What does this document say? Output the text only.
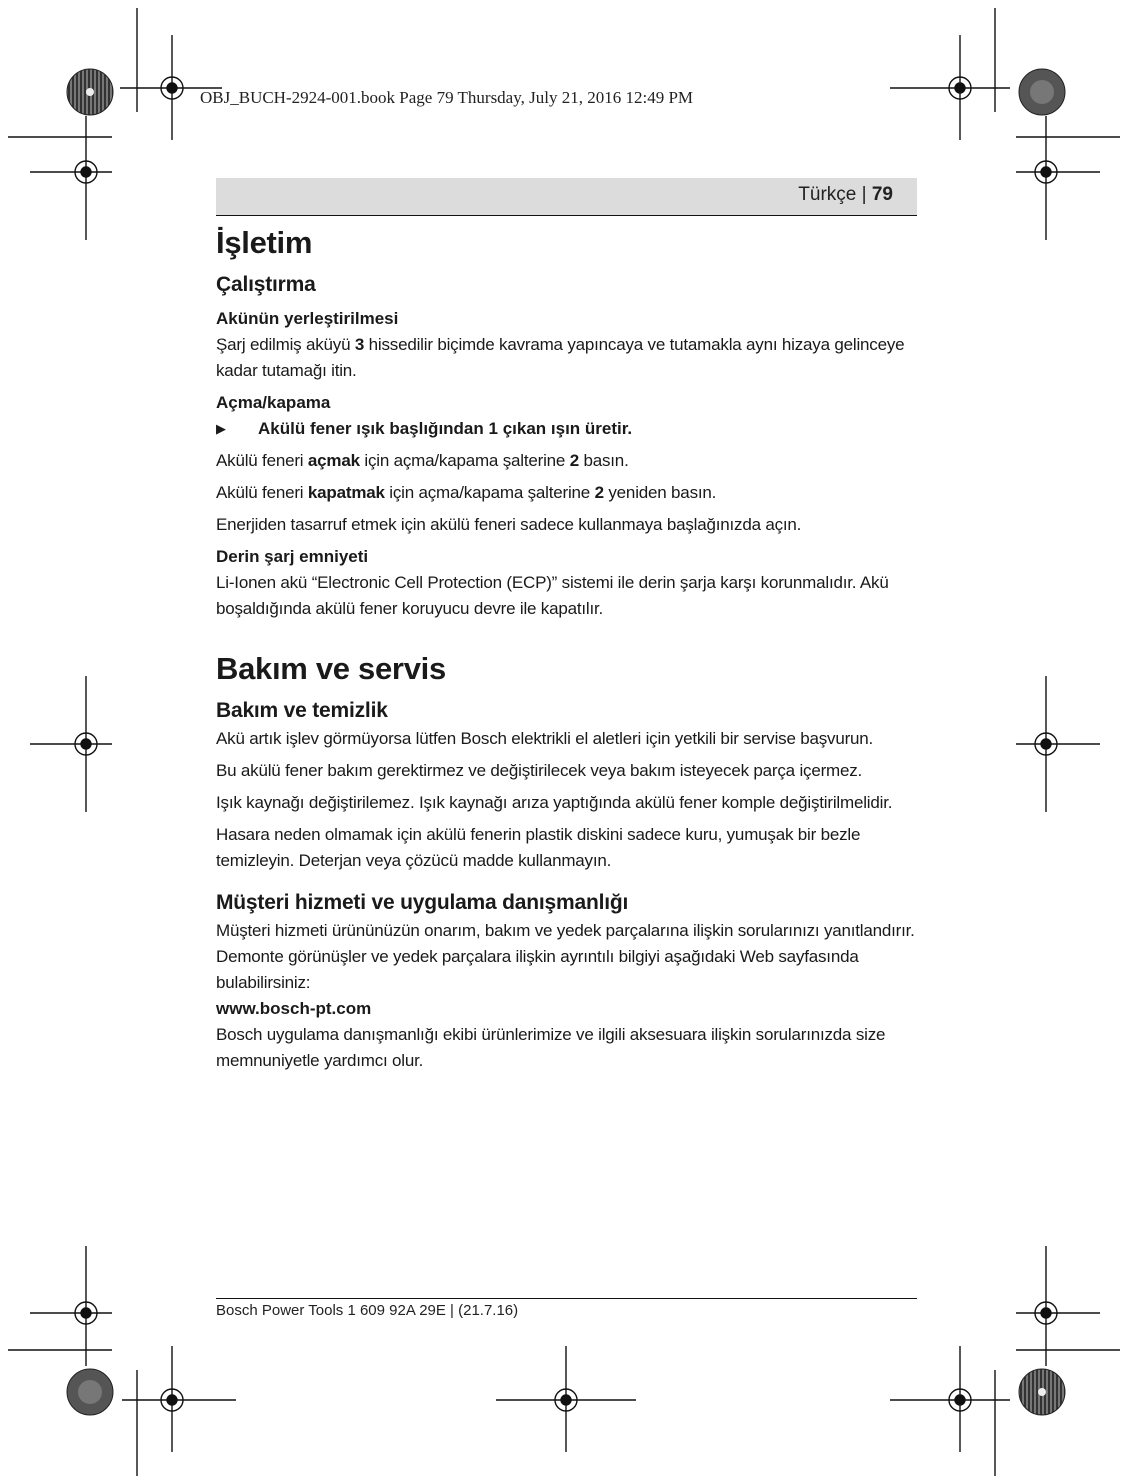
OBJ_BUCH-2924-001.book Page 79 Thursday, July 21, 2016 12:49 PM
Türkçe | 79
İşletim
Çalıştırma
Akünün yerleştirilmesi

Şarj edilmiş aküyü 3 hissedilir biçimde kavrama yapıncaya ve tutamakla aynı hizaya gelinceye kadar tutamağı itin.

Açma/kapama
▶	Akülü fener ışık başlığından 1 çıkan ışın üretir.

Akülü feneri açmak için açma/kapama şalterine 2 basın.

Akülü feneri kapatmak için açma/kapama şalterine 2 yeniden basın.

Enerjiden tasarruf etmek için akülü feneri sadece kullanmaya başlağınızda açın.

Derin şarj emniyeti

Li-Ionen akü “Electronic Cell Protection (ECP)” sistemi ile derin şarja karşı korunmalıdır. Akü boşaldığında akülü fener koruyucu devre ile kapatılır.

Bakım ve servis
Bakım ve temizlik

Akü artık işlev görmüyorsa lütfen Bosch elektrikli el aletleri için yetkili bir servise başvurun.

Bu akülü fener bakım gerektirmez ve değiştirilecek veya bakım isteyecek parça içermez.

Işık kaynağı değiştirilemez. Işık kaynağı arıza yaptığında akülü fener komple değiştirilmelidir.

Hasara neden olmamak için akülü fenerin plastik diskini sadece kuru, yumuşak bir bezle temizleyin. Deterjan veya çözücü madde kullanmayın.

Müşteri hizmeti ve uygulama danışmanlığı

Müşteri hizmeti ürününüzün onarım, bakım ve yedek parçalarına ilişkin sorularınızı yanıtlandırır. Demonte görünüşler ve yedek parçalara ilişkin ayrıntılı bilgiyi aşağıdaki Web sayfasında bulabilirsiniz:

www.bosch-pt.com

Bosch uygulama danışmanlığı ekibi ürünlerimize ve ilgili aksesuara ilişkin sorularınızda size memnuniyetle yardımcı olur.

Bosch Power Tools 1 609 92A 29E | (21.7.16)
